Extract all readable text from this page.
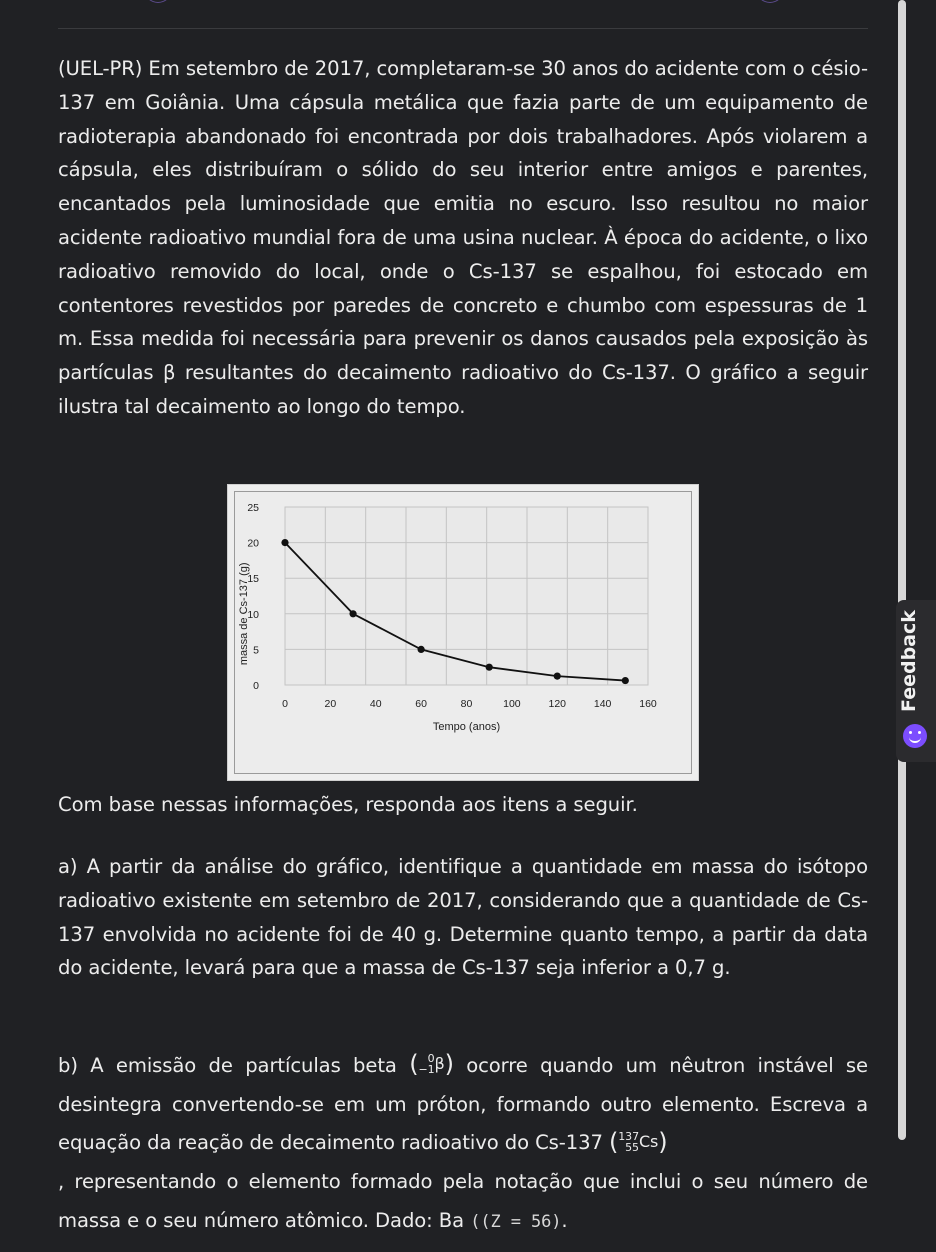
(UEL-PR) Em setembro de 2017, completaram-se 30 anos do acidente com o césio-137 em Goiânia. Uma cápsula metálica que fazia parte de um equipamento de radioterapia abandonado foi encontrada por dois trabalhadores. Após violarem a cápsula, eles distribuíram o sólido do seu interior entre amigos e parentes, encantados pela luminosidade que emitia no escuro. Isso resultou no maior acidente radioativo mundial fora de uma usina nuclear. À época do acidente, o lixo radioativo removido do local, onde o Cs-137 se espalhou, foi estocado em contentores revestidos por paredes de concreto e chumbo com espessuras de 1 m. Essa medida foi necessária para prevenir os danos causados pela exposição às partículas β resultantes do decaimento radioativo do Cs-137. O gráfico a seguir ilustra tal decaimento ao longo do tempo.

0
5
10
15
20
25
0	20	40	60	80	100	120	140	160
Tempo (anos)
massa de Cs-137 (g)

Com base nessas informações, responda aos itens a seguir.

a) A partir da análise do gráfico, identifique a quantidade em massa do isótopo radioativo existente em setembro de 2017, considerando que a quantidade de Cs-137 envolvida no acidente foi de 40 g. Determine quanto tempo, a partir da data do acidente, levará para que a massa de Cs-137 seja inferior a 0,7 g.

b) A emissão de partículas beta ( 0
−1β) ocorre quando um nêutron instável se desintegra convertendo-se em um próton, formando outro elemento. Escreva a equação da reação de decaimento radioativo do Cs-137 (137
55Cs)
, representando o elemento formado pela notação que inclui o seu número de massa e o seu número atômico. Dado: Ba ((Z = 56).

Feedback
